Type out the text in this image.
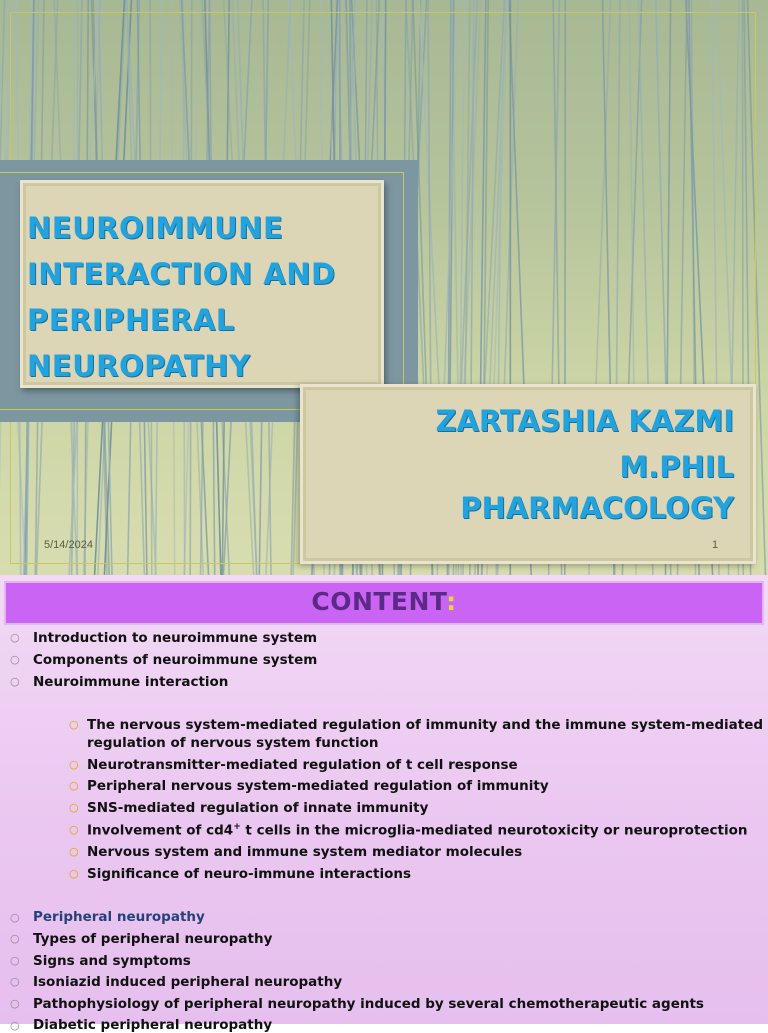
NEUROIMMUNE
INTERACTION AND
PERIPHERAL
NEUROPATHY
ZARTASHIA KAZMI
M.PHIL
PHARMACOLOGY
5/14/2024	1
CONTENT:
○ Introduction to neuroimmune system
○ Components of neuroimmune system
○ Neuroimmune interaction
○ The nervous system-mediated regulation of immunity and the immune system-mediated
regulation of nervous system function
○ Neurotransmitter-mediated regulation of t cell response
○ Peripheral nervous system-mediated regulation of immunity
○ SNS-mediated regulation of innate immunity
○ Involvement of cd4+ t cells in the microglia-mediated neurotoxicity or neuroprotection
○ Nervous system and immune system mediator molecules
○ Significance of neuro-immune interactions
○ Peripheral neuropathy
○ Types of peripheral neuropathy
○ Signs and symptoms
○ Isoniazid induced peripheral neuropathy
○ Pathophysiology of peripheral neuropathy induced by several chemotherapeutic agents
○ Diabetic peripheral neuropathy
